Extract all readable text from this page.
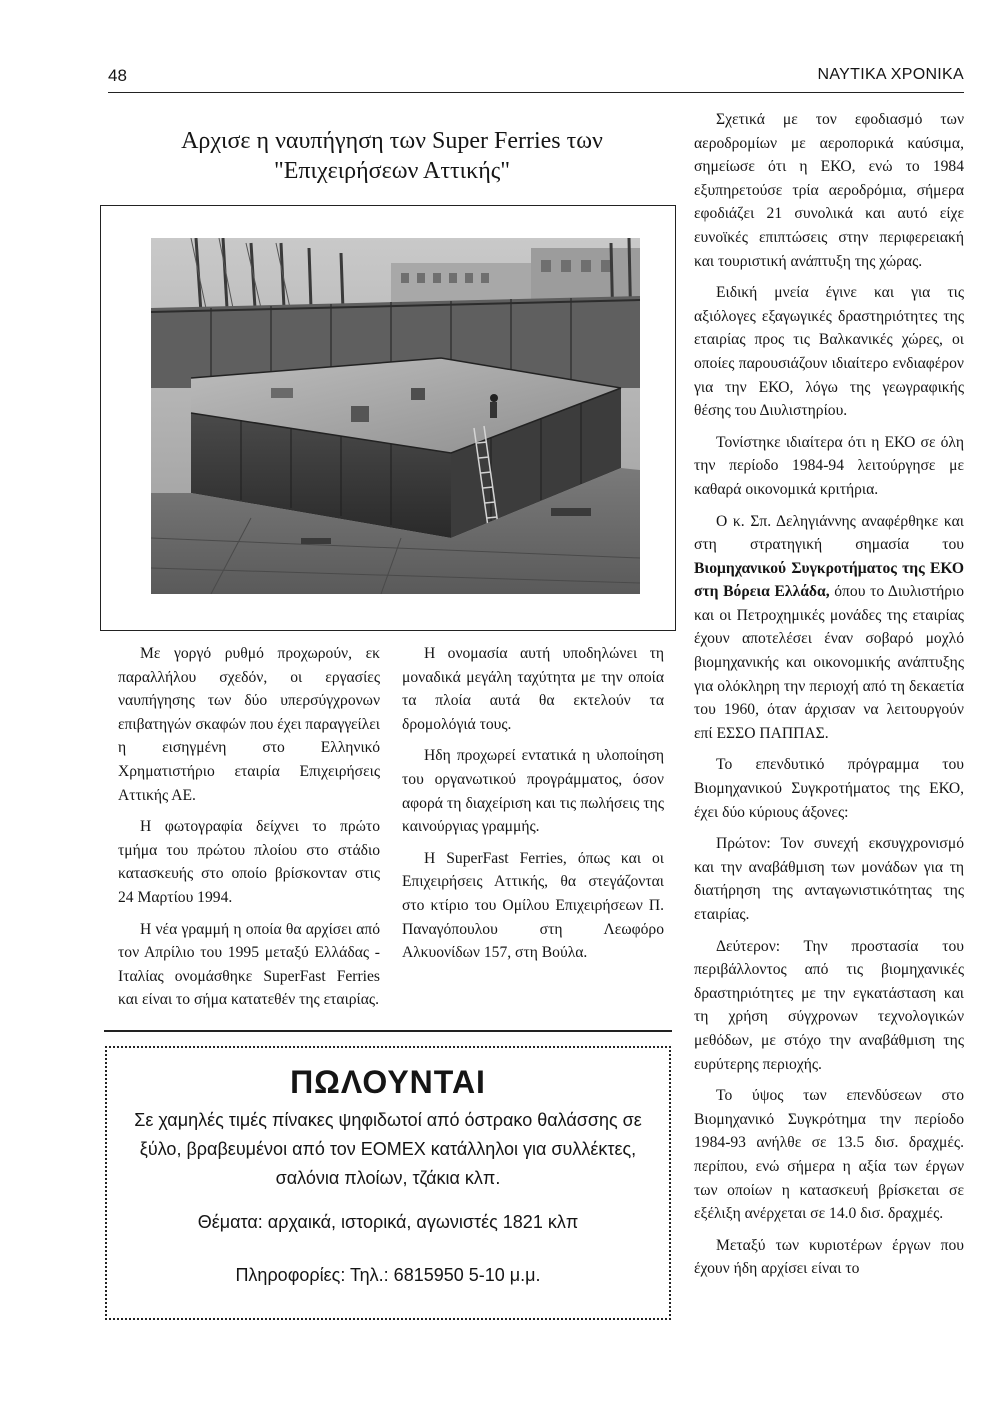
48	ΝΑΥΤΙΚΑ ΧΡΟΝΙΚΑ
Αρχισε η ναυπήγηση των Super Ferries των
"Επιχειρήσεων Αττικής"

Με γοργό ρυθμό προχωρούν, εκ παραλλήλου σχεδόν, οι εργασίες ναυπήγησης των δύο υπερσύγχρονων επιβατηγών σκαφών που έχει παραγγείλει η εισηγμένη στο Ελληνικό Χρηματιστήριο εταιρία Επιχειρήσεις Αττικής ΑΕ.

Η φωτογραφία δείχνει το πρώτο τμήμα του πρώτου πλοίου στο στάδιο κατασκευής στο οποίο βρίσκονταν στις 24 Μαρτίου 1994.

Η νέα γραμμή η οποία θα αρχίσει από τον Απρίλιο του 1995 μεταξύ Ελλάδας - Ιταλίας ονομάσθηκε SuperFast Ferries και είναι το σήμα κατατεθέν της εταιρίας.

Η ονομασία αυτή υποδηλώνει τη μοναδικά μεγάλη ταχύτητα με την οποία τα πλοία αυτά θα εκτελούν τα δρομολόγιά τους.

Ηδη προχωρεί εντατικά η υλοποίηση του οργανωτικού προγράμματος, όσον αφορά τη διαχείριση και τις πωλήσεις της καινούργιας γραμμής.

Η SuperFast Ferries, όπως και οι Επιχειρήσεις Αττικής, θα στεγάζονται στο κτίριο του Ομίλου Επιχειρήσεων Π. Παναγόπουλου στη Λεωφόρο Αλκυονίδων 157, στη Βούλα.

Σχετικά με τον εφοδιασμό των αεροδρομίων με αεροπορικά καύσιμα, σημείωσε ότι η ΕΚΟ, ενώ το 1984 εξυπηρετούσε τρία αεροδρόμια, σήμερα εφοδιάζει 21 συνολικά και αυτό είχε ευνοϊκές επιπτώσεις στην περιφερειακή και τουριστική ανάπτυξη της χώρας.

Ειδική μνεία έγινε και για τις αξιόλογες εξαγωγικές δραστηριότητες της εταιρίας προς τις Βαλκανικές χώρες, οι οποίες παρουσιάζουν ιδιαίτερο ενδιαφέρον για την ΕΚΟ, λόγω της γεωγραφικής θέσης του Διυλιστηρίου.

Τονίστηκε ιδιαίτερα ότι η ΕΚΟ σε όλη την περίοδο 1984-94 λειτούργησε με καθαρά οικονομικά κριτήρια.

Ο κ. Σπ. Δεληγιάννης αναφέρθηκε και στη στρατηγική σημασία του Βιομηχανικού Συγκροτήματος της ΕΚΟ στη Βόρεια Ελλάδα, όπου το Διυλιστήριο και οι Πετροχημικές μονάδες της εταιρίας έχουν αποτελέσει έναν σοβαρό μοχλό βιομηχανικής και οικονομικής ανάπτυξης για ολόκληρη την περιοχή από τη δεκαετία του 1960, όταν άρχισαν να λειτουργούν επί ΕΣΣΟ ΠΑΠΠΑΣ.

Το επενδυτικό πρόγραμμα του Βιομηχανικού Συγκροτήματος της ΕΚΟ, έχει δύο κύριους άξονες:

Πρώτον: Τον συνεχή εκσυγχρονισμό και την αναβάθμιση των μονάδων για τη διατήρηση της ανταγωνιστικότητας της εταιρίας.

Δεύτερον: Την προστασία του περιβάλλοντος από τις βιομηχανικές δραστηριότητες με την εγκατάσταση και τη χρήση σύγχρονων τεχνολογικών μεθόδων, με στόχο την αναβάθμιση της ευρύτερης περιοχής.

Το ύψος των επενδύσεων στο Βιομηχανικό Συγκρότημα την περίοδο 1984-93 ανήλθε σε 13.5 δισ. δραχμές. περίπου, ενώ σήμερα η αξία των έργων των οποίων η κατασκευή βρίσκεται σε εξέλιξη ανέρχεται σε 14.0 δισ. δραχμές.

Μεταξύ των κυριοτέρων έργων που έχουν ήδη αρχίσει είναι το

ΠΩΛΟΥΝΤΑΙ
Σε χαμηλές τιμές πίνακες ψηφιδωτοί από όστρακο θαλάσσης σε ξύλο, βραβευμένοι από τον ΕΟΜΕΧ κατάλληλοι για συλλέκτες, σαλόνια πλοίων, τζάκια κλπ.
Θέματα: αρχαικά, ιστορικά, αγωνιστές 1821 κλπ
Πληροφορίες: Τηλ.: 6815950 5-10 μ.μ.
